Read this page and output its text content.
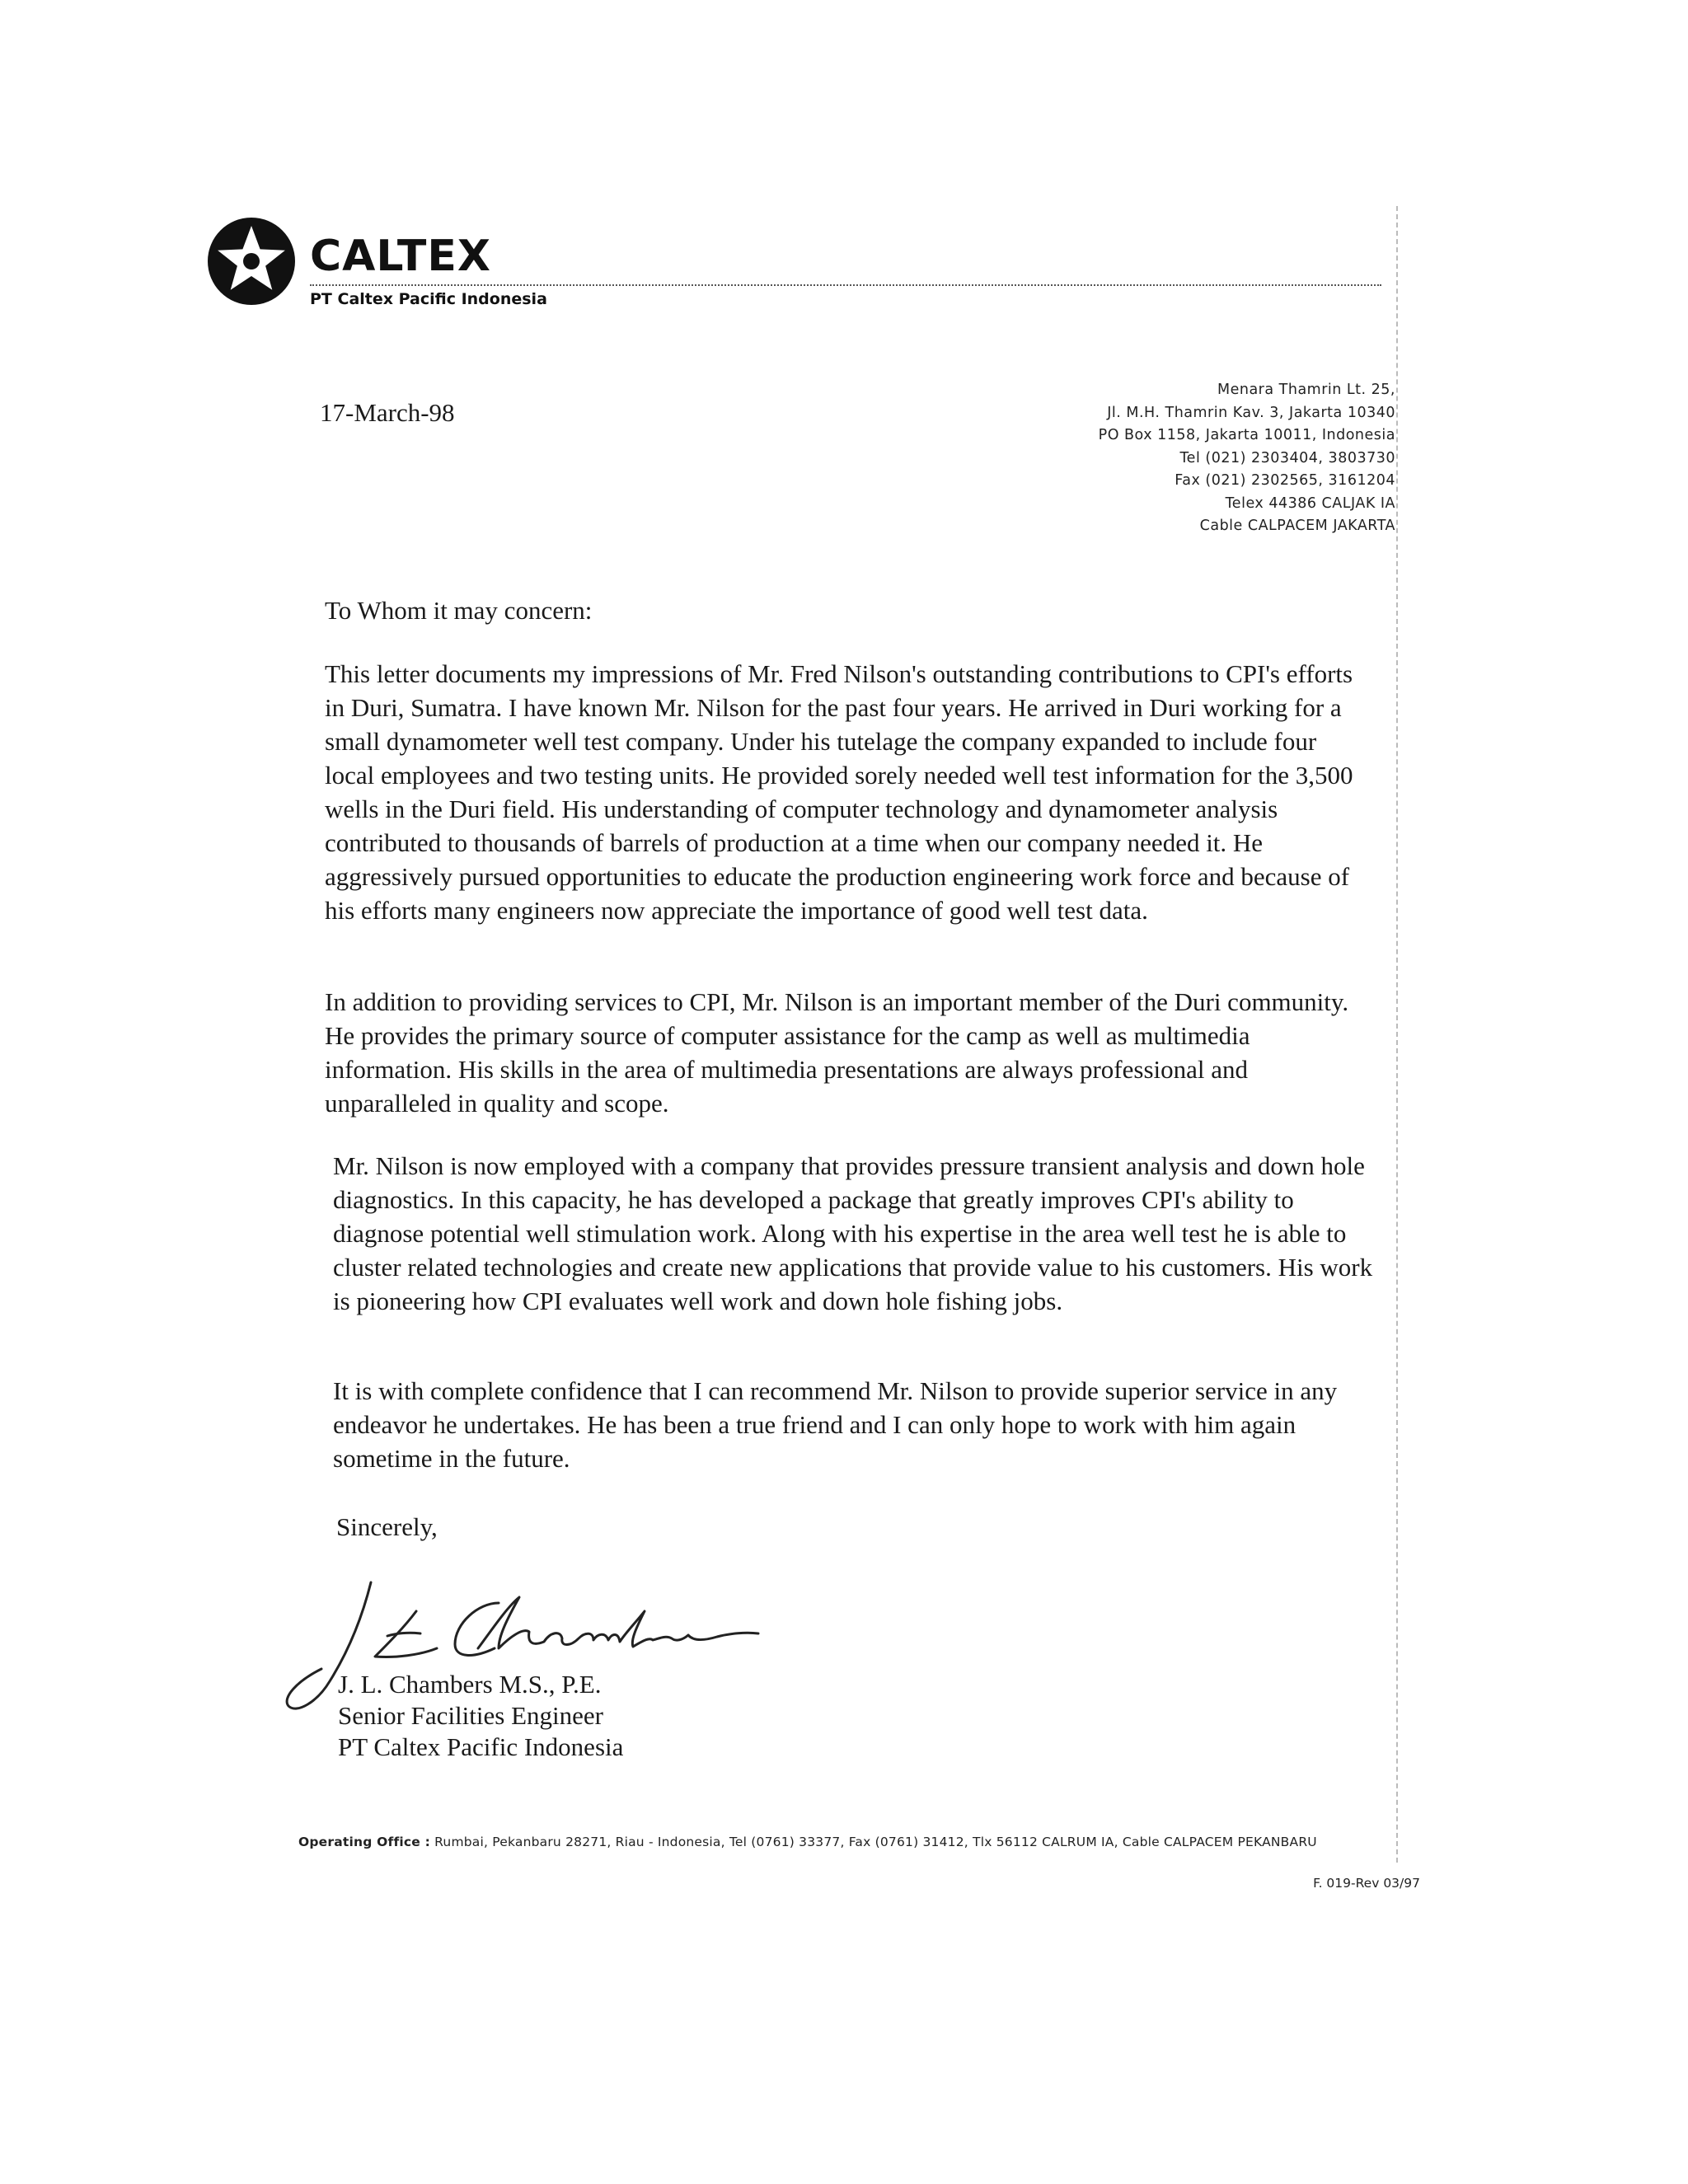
CALTEX
PT Caltex Pacific Indonesia
17-March-98
Menara Thamrin Lt. 25,
Jl. M.H. Thamrin Kav. 3, Jakarta 10340
PO Box 1158, Jakarta 10011, Indonesia
Tel (021) 2303404, 3803730
Fax (021) 2302565, 3161204
Telex 44386 CALJAK IA
Cable CALPACEM JAKARTA
To Whom it may concern:

This letter documents my impressions of Mr. Fred Nilson's outstanding contributions to CPI's efforts in Duri, Sumatra. I have known Mr. Nilson for the past four years. He arrived in Duri working for a small dynamometer well test company. Under his tutelage the company expanded to include four local employees and two testing units. He provided sorely needed well test information for the 3,500 wells in the Duri field. His understanding of computer technology and dynamometer analysis contributed to thousands of barrels of production at a time when our company needed it. He aggressively pursued opportunities to educate the production engineering work force and because of his efforts many engineers now appreciate the importance of good well test data.

In addition to providing services to CPI, Mr. Nilson is an important member of the Duri community. He provides the primary source of computer assistance for the camp as well as multimedia information. His skills in the area of multimedia presentations are always professional and unparalleled in quality and scope.

Mr. Nilson is now employed with a company that provides pressure transient analysis and down hole diagnostics. In this capacity, he has developed a package that greatly improves CPI's ability to diagnose potential well stimulation work. Along with his expertise in the area well test he is able to cluster related technologies and create new applications that provide value to his customers. His work is pioneering how CPI evaluates well work and down hole fishing jobs.

It is with complete confidence that I can recommend Mr. Nilson to provide superior service in any endeavor he undertakes. He has been a true friend and I can only hope to work with him again sometime in the future.

Sincerely,
J. L. Chambers M.S., P.E.
Senior Facilities Engineer
PT Caltex Pacific Indonesia
Operating Office : Rumbai, Pekanbaru 28271, Riau - Indonesia, Tel (0761) 33377, Fax (0761) 31412, Tlx 56112 CALRUM IA, Cable CALPACEM PEKANBARU
F. 019-Rev 03/97
